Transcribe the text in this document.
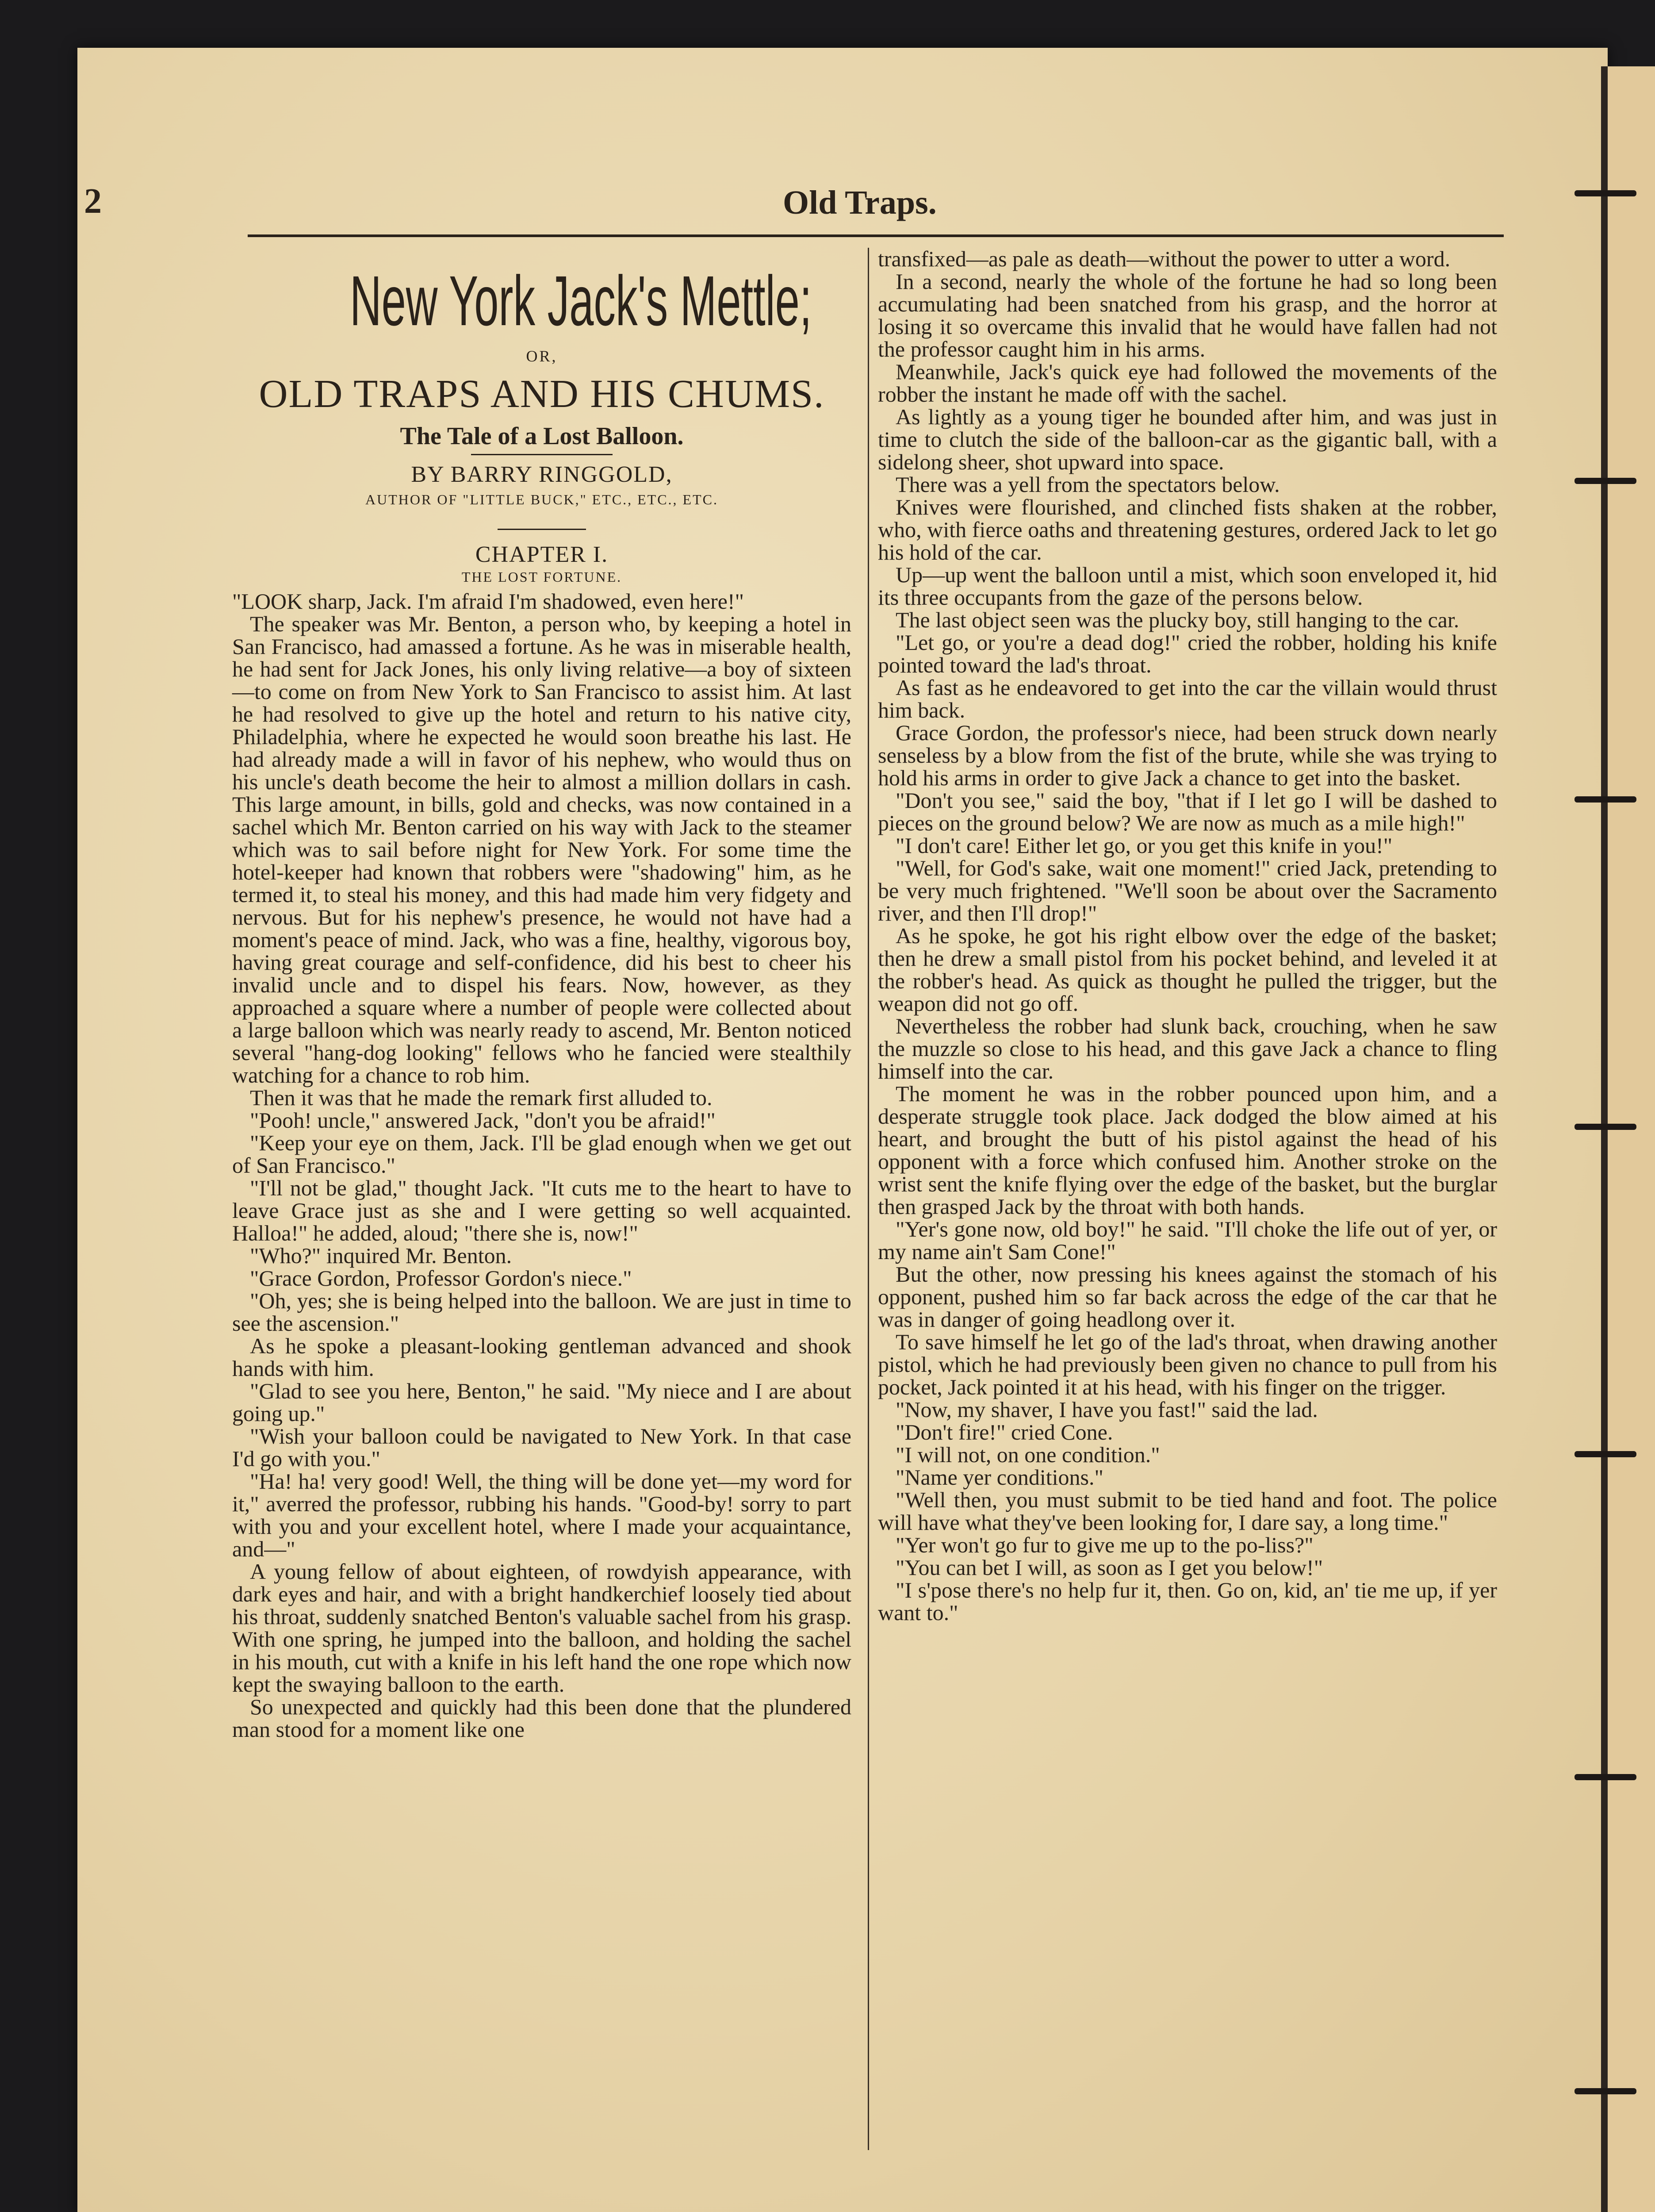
2	Old Traps.
New York Jack's Mettle;
OR,
OLD TRAPS AND HIS CHUMS.
The Tale of a Lost Balloon.
BY BARRY RINGGOLD,
AUTHOR OF "LITTLE BUCK," ETC., ETC., ETC.
CHAPTER I.
THE LOST FORTUNE.

"LOOK sharp, Jack. I'm afraid I'm shadowed, even here!"

The speaker was Mr. Benton, a person who, by keeping a hotel in San Francisco, had amassed a fortune. As he was in miserable health, he had sent for Jack Jones, his only living relative—a boy of sixteen—to come on from New York to San Francisco to assist him. At last he had resolved to give up the hotel and return to his native city, Philadelphia, where he expected he would soon breathe his last. He had already made a will in favor of his nephew, who would thus on his uncle's death become the heir to almost a million dollars in cash. This large amount, in bills, gold and checks, was now contained in a sachel which Mr. Benton carried on his way with Jack to the steamer which was to sail before night for New York. For some time the hotel-keeper had known that robbers were "shadowing" him, as he termed it, to steal his money, and this had made him very fidgety and nervous. But for his nephew's presence, he would not have had a moment's peace of mind. Jack, who was a fine, healthy, vigorous boy, having great courage and self-confidence, did his best to cheer his invalid uncle and to dispel his fears. Now, however, as they approached a square where a number of people were collected about a large balloon which was nearly ready to ascend, Mr. Benton noticed several "hang-dog looking" fellows who he fancied were stealthily watching for a chance to rob him.

Then it was that he made the remark first alluded to.

"Pooh! uncle," answered Jack, "don't you be afraid!"

"Keep your eye on them, Jack. I'll be glad enough when we get out of San Francisco."

"I'll not be glad," thought Jack. "It cuts me to the heart to have to leave Grace just as she and I were getting so well acquainted. Halloa!" he added, aloud; "there she is, now!"

"Who?" inquired Mr. Benton.

"Grace Gordon, Professor Gordon's niece."

"Oh, yes; she is being helped into the balloon. We are just in time to see the ascension."

As he spoke a pleasant-looking gentleman advanced and shook hands with him.

"Glad to see you here, Benton," he said. "My niece and I are about going up."

"Wish your balloon could be navigated to New York. In that case I'd go with you."

"Ha! ha! very good! Well, the thing will be done yet—my word for it," averred the professor, rubbing his hands. "Good-by! sorry to part with you and your excellent hotel, where I made your acquaintance, and—"

A young fellow of about eighteen, of rowdyish appearance, with dark eyes and hair, and with a bright handkerchief loosely tied about his throat, suddenly snatched Benton's valuable sachel from his grasp. With one spring, he jumped into the balloon, and holding the sachel in his mouth, cut with a knife in his left hand the one rope which now kept the swaying balloon to the earth.

So unexpected and quickly had this been done that the plundered man stood for a moment like one

transfixed—as pale as death—without the power to utter a word.

In a second, nearly the whole of the fortune he had so long been accumulating had been snatched from his grasp, and the horror at losing it so overcame this invalid that he would have fallen had not the professor caught him in his arms.

Meanwhile, Jack's quick eye had followed the movements of the robber the instant he made off with the sachel.

As lightly as a young tiger he bounded after him, and was just in time to clutch the side of the balloon-car as the gigantic ball, with a sidelong sheer, shot upward into space.

There was a yell from the spectators below.

Knives were flourished, and clinched fists shaken at the robber, who, with fierce oaths and threatening gestures, ordered Jack to let go his hold of the car.

Up—up went the balloon until a mist, which soon enveloped it, hid its three occupants from the gaze of the persons below.

The last object seen was the plucky boy, still hanging to the car.

"Let go, or you're a dead dog!" cried the robber, holding his knife pointed toward the lad's throat.

As fast as he endeavored to get into the car the villain would thrust him back.

Grace Gordon, the professor's niece, had been struck down nearly senseless by a blow from the fist of the brute, while she was trying to hold his arms in order to give Jack a chance to get into the basket.

"Don't you see," said the boy, "that if I let go I will be dashed to pieces on the ground below? We are now as much as a mile high!"

"I don't care! Either let go, or you get this knife in you!"

"Well, for God's sake, wait one moment!" cried Jack, pretending to be very much frightened. "We'll soon be about over the Sacramento river, and then I'll drop!"

As he spoke, he got his right elbow over the edge of the basket; then he drew a small pistol from his pocket behind, and leveled it at the robber's head. As quick as thought he pulled the trigger, but the weapon did not go off.

Nevertheless the robber had slunk back, crouching, when he saw the muzzle so close to his head, and this gave Jack a chance to fling himself into the car.

The moment he was in the robber pounced upon him, and a desperate struggle took place. Jack dodged the blow aimed at his heart, and brought the butt of his pistol against the head of his opponent with a force which confused him. Another stroke on the wrist sent the knife flying over the edge of the basket, but the burglar then grasped Jack by the throat with both hands.

"Yer's gone now, old boy!" he said. "I'll choke the life out of yer, or my name ain't Sam Cone!"

But the other, now pressing his knees against the stomach of his opponent, pushed him so far back across the edge of the car that he was in danger of going headlong over it.

To save himself he let go of the lad's throat, when drawing another pistol, which he had previously been given no chance to pull from his pocket, Jack pointed it at his head, with his finger on the trigger.

"Now, my shaver, I have you fast!" said the lad.

"Don't fire!" cried Cone.

"I will not, on one condition."

"Name yer conditions."

"Well then, you must submit to be tied hand and foot. The police will have what they've been looking for, I dare say, a long time."

"Yer won't go fur to give me up to the po-liss?"

"You can bet I will, as soon as I get you below!"

"I s'pose there's no help fur it, then. Go on, kid, an' tie me up, if yer want to."
